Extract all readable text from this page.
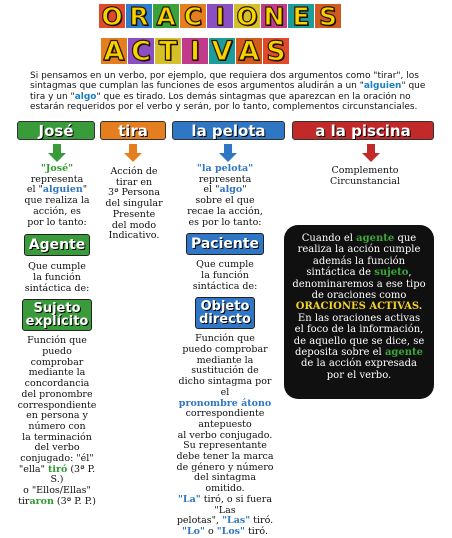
O R A C I O N E S
A C T I V A S

Si pensamos en un verbo, por ejemplo, que requiera dos argumentos como "tirar", los sintagmas que cumplan las funciones de esos argumentos aludirán a un "alguien" que tira y un "algo" que es tirado. Los demás sintagmas que aparezcan en la oración no estarán requeridos por el verbo y serán, por lo tanto, complementos circunstanciales.

José	tira	la pelota	a la piscina
"José"
representa
el "alguien"
que realiza la
acción, es
por lo tanto:
Agente
Que cumple
la función
sintáctica de:
Sujeto
explícito
Función que
puedo
comprobar
mediante la
concordancia
del pronombre
correspondiente
en persona y
número con
la terminación
del verbo
conjugado: "él"
"ella" tiró (3ª P. S.)
o "Ellos/Ellas"
tiraron (3ª P. P.)
Acción de
tirar en
3ª Persona
del singular
Presente
del modo
Indicativo.
"la pelota"
representa
el "algo"
sobre el que
recae la acción,
es por lo tanto:
Paciente
Que cumple
la función
sintáctica de:
Objeto
directo
Función que
puedo comprobar
mediante la
sustitución de
dicho sintagma por el
pronombre átono
correspondiente
antepuesto
al verbo conjugado.
Su representante
debe tener la marca
de género y número
del sintagma omitido.
"La" tiró, o si fuera "Las
pelotas", "Las" tiró.
"Lo" o "Los" tiró.
Complemento
Circunstancial
Cuando el agente que realiza la acción cumple además la función sintáctica de sujeto, denominaremos a ese tipo de oraciones como ORACIONES ACTIVAS.
En las oraciones activas el foco de la información, de aquello que se dice, se deposita sobre el agente de la acción expresada por el verbo.
